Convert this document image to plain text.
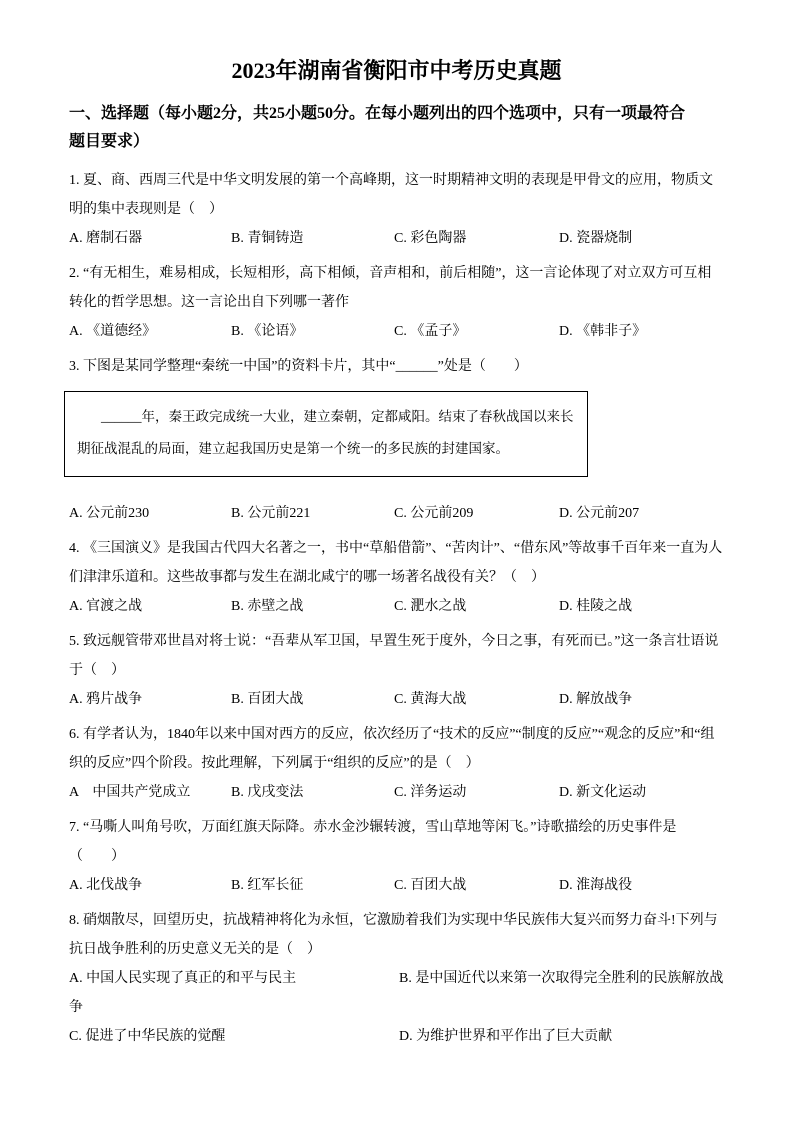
2023年湖南省衡阳市中考历史真题
一、选择题（每小题2分，共25小题50分。在每小题列出的四个选项中，只有一项最符合题目要求）

1. 夏、商、西周三代是中华文明发展的第一个高峰期，这一时期精神文明的表现是甲骨文的应用，物质文明的集中表现则是（　）

A. 磨制石器	B. 青铜铸造	C. 彩色陶器	D. 瓷器烧制

2. “有无相生，难易相成，长短相形，高下相倾，音声相和，前后相随”，这一言论体现了对立双方可互相转化的哲学思想。这一言论出自下列哪一著作

A. 《道德经》	B. 《论语》	C. 《孟子》	D. 《韩非子》

3. 下图是某同学整理“秦统一中国”的资料卡片，其中“______”处是（　　）

______年，秦王政完成统一大业，建立秦朝，定都咸阳。结束了春秋战国以来长期征战混乱的局面，建立起我国历史是第一个统一的多民族的封建国家。

A. 公元前230	B. 公元前221	C. 公元前209	D. 公元前207

4. 《三国演义》是我国古代四大名著之一，书中“草船借箭”、“苦肉计”、“借东风”等故事千百年来一直为人们津津乐道和。这些故事都与发生在湖北咸宁的哪一场著名战役有关？（　）

A. 官渡之战	B. 赤壁之战	C. 淝水之战	D. 桂陵之战

5. 致远舰管带邓世昌对将士说：“吾辈从军卫国，早置生死于度外，今日之事，有死而已。”这一条言壮语说于（　）

A. 鸦片战争	B. 百团大战	C. 黄海大战	D. 解放战争

6. 有学者认为，1840年以来中国对西方的反应，依次经历了“技术的反应”“制度的反应”“观念的反应”和“组织的反应”四个阶段。按此理解，下列属于“组织的反应”的是（　）

A　中国共产党成立	B. 戊戌变法	C. 洋务运动	D. 新文化运动

7. “马嘶人叫角号吹，万面红旗天际降。赤水金沙辗转渡，雪山草地等闲飞。”诗歌描绘的历史事件是（　　）

A. 北伐战争	B. 红军长征	C. 百团大战	D. 淮海战役

8. 硝烟散尽，回望历史，抗战精神将化为永恒，它激励着我们为实现中华民族伟大复兴而努力奋斗!下列与抗日战争胜利的历史意义无关的是（　）

A. 中国人民实现了真正的和平与民主	B. 是中国近代以来第一次取得完全胜利的民族解放战争

C. 促进了中华民族的觉醒	D. 为维护世界和平作出了巨大贡献
